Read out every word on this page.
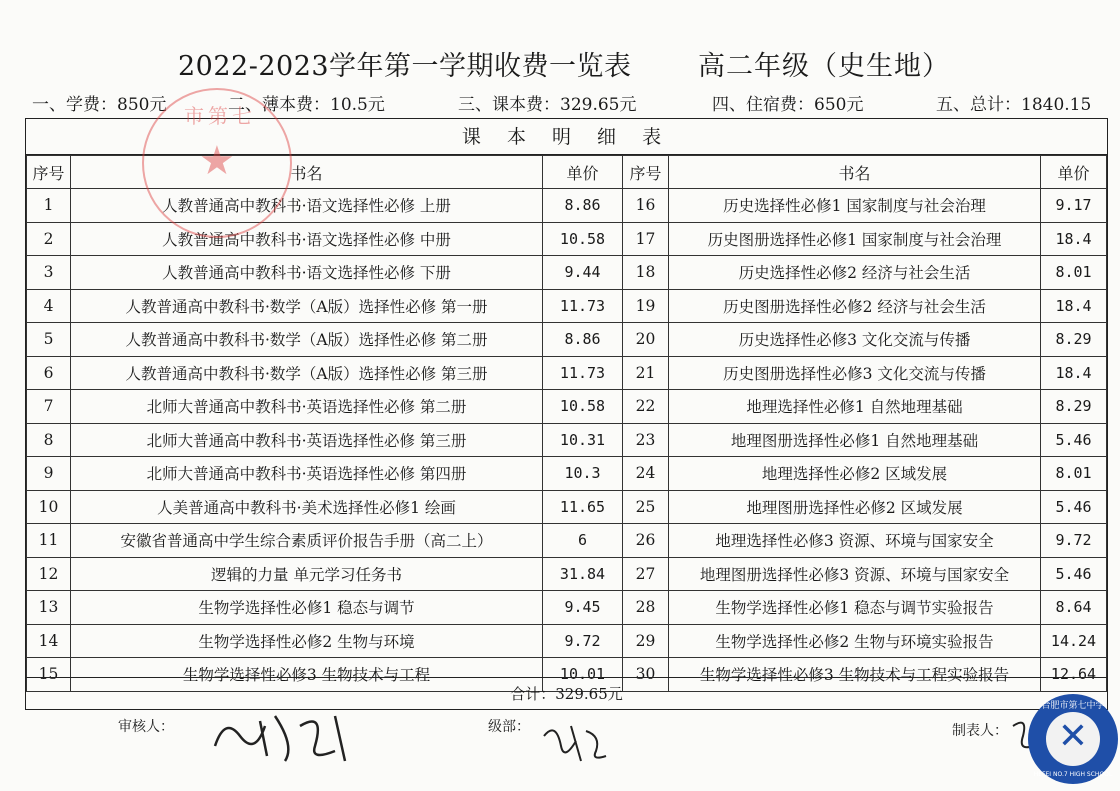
2022-2023学年第一学期收费一览表 高二年级（史生地）
一、学费：850元	二、薄本费：10.5元	三、课本费：329.65元	四、住宿费：650元	五、总计：1840.15
课 本 明 细 表
序号	书名	单价	序号	书名	单价
1	人教普通高中教科书·语文选择性必修 上册	8.86	16	历史选择性必修1 国家制度与社会治理	9.17
2	人教普通高中教科书·语文选择性必修 中册	10.58	17	历史图册选择性必修1 国家制度与社会治理	18.4
3	人教普通高中教科书·语文选择性必修 下册	9.44	18	历史选择性必修2 经济与社会生活	8.01
4	人教普通高中教科书·数学（A版）选择性必修 第一册	11.73	19	历史图册选择性必修2 经济与社会生活	18.4
5	人教普通高中教科书·数学（A版）选择性必修 第二册	8.86	20	历史选择性必修3 文化交流与传播	8.29
6	人教普通高中教科书·数学（A版）选择性必修 第三册	11.73	21	历史图册选择性必修3 文化交流与传播	18.4
7	北师大普通高中教科书·英语选择性必修 第二册	10.58	22	地理选择性必修1 自然地理基础	8.29
8	北师大普通高中教科书·英语选择性必修 第三册	10.31	23	地理图册选择性必修1 自然地理基础	5.46
9	北师大普通高中教科书·英语选择性必修 第四册	10.3	24	地理选择性必修2 区域发展	8.01
10	人美普通高中教科书·美术选择性必修1 绘画	11.65	25	地理图册选择性必修2 区域发展	5.46
11	安徽省普通高中学生综合素质评价报告手册（高二上）	6	26	地理选择性必修3 资源、环境与国家安全	9.72
12	逻辑的力量 单元学习任务书	31.84	27	地理图册选择性必修3 资源、环境与国家安全	5.46
13	生物学选择性必修1 稳态与调节	9.45	28	生物学选择性必修1 稳态与调节实验报告	8.64
14	生物学选择性必修2 生物与环境	9.72	29	生物学选择性必修2 生物与环境实验报告	14.24
15	生物学选择性必修3 生物技术与工程	10.01	30	生物学选择性必修3 生物技术与工程实验报告	12.64
合计：329.65元
市第七
★
审核人：	级部：	制表人：
合肥市第七中学
✕
HEFEI NO.7 HIGH SCHOOL
